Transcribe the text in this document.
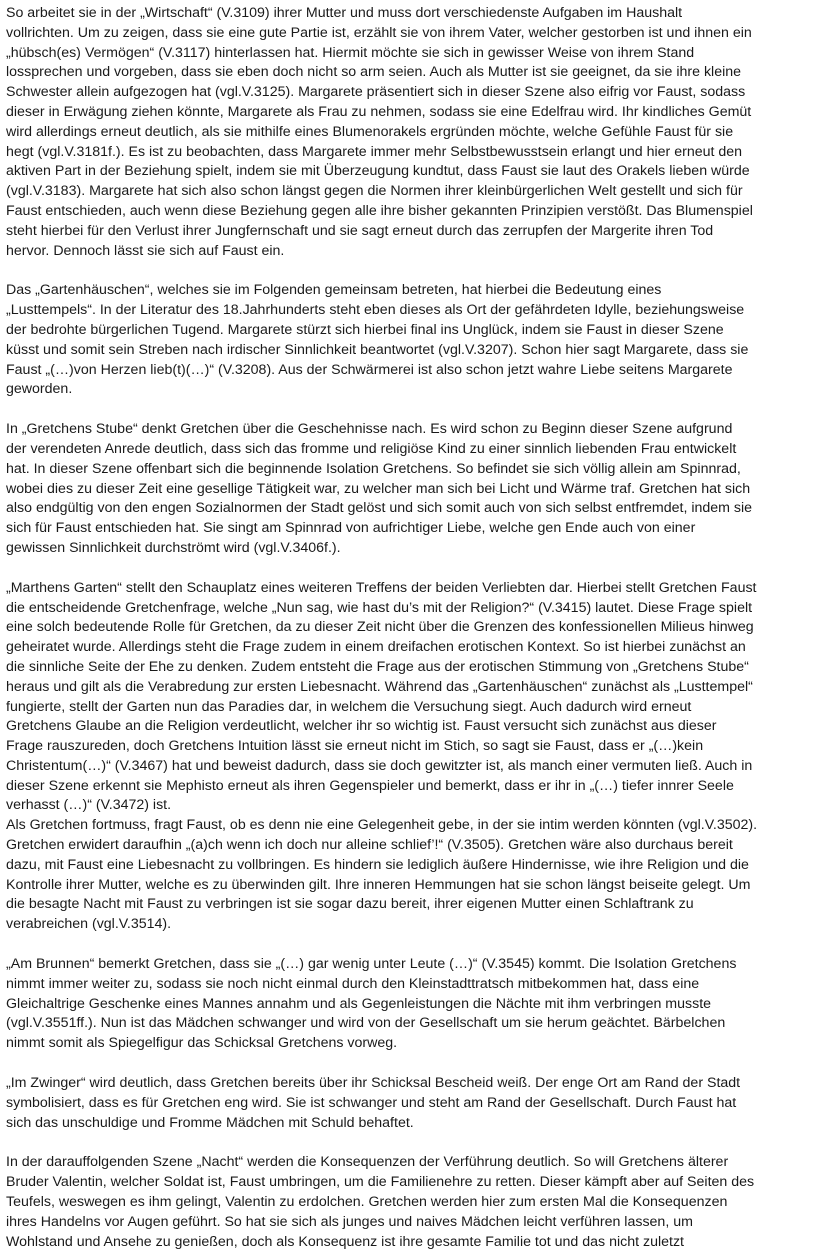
So arbeitet sie in der „Wirtschaft“ (V.3109) ihrer Mutter und muss dort verschiedenste Aufgaben im Haushalt
vollrichten. Um zu zeigen, dass sie eine gute Partie ist, erzählt sie von ihrem Vater, welcher gestorben ist und ihnen ein
„hübsch(es) Vermögen“ (V.3117) hinterlassen hat. Hiermit möchte sie sich in gewisser Weise von ihrem Stand
lossprechen und vorgeben, dass sie eben doch nicht so arm seien. Auch als Mutter ist sie geeignet, da sie ihre kleine
Schwester allein aufgezogen hat (vgl.V.3125). Margarete präsentiert sich in dieser Szene also eifrig vor Faust, sodass
dieser in Erwägung ziehen könnte, Margarete als Frau zu nehmen, sodass sie eine Edelfrau wird. Ihr kindliches Gemüt
wird allerdings erneut deutlich, als sie mithilfe eines Blumenorakels ergründen möchte, welche Gefühle Faust für sie
hegt (vgl.V.3181f.). Es ist zu beobachten, dass Margarete immer mehr Selbstbewusstsein erlangt und hier erneut den
aktiven Part in der Beziehung spielt, indem sie mit Überzeugung kundtut, dass Faust sie laut des Orakels lieben würde
(vgl.V.3183). Margarete hat sich also schon längst gegen die Normen ihrer kleinbürgerlichen Welt gestellt und sich für
Faust entschieden, auch wenn diese Beziehung gegen alle ihre bisher gekannten Prinzipien verstößt. Das Blumenspiel
steht hierbei für den Verlust ihrer Jungfernschaft und sie sagt erneut durch das zerrupfen der Margerite ihren Tod
hervor. Dennoch lässt sie sich auf Faust ein.

Das „Gartenhäuschen“, welches sie im Folgenden gemeinsam betreten, hat hierbei die Bedeutung eines
„Lusttempels“. In der Literatur des 18.Jahrhunderts steht eben dieses als Ort der gefährdeten Idylle, beziehungsweise
der bedrohte bürgerlichen Tugend. Margarete stürzt sich hierbei final ins Unglück, indem sie Faust in dieser Szene
küsst und somit sein Streben nach irdischer Sinnlichkeit beantwortet (vgl.V.3207). Schon hier sagt Margarete, dass sie
Faust „(…)von Herzen lieb(t)(…)“ (V.3208). Aus der Schwärmerei ist also schon jetzt wahre Liebe seitens Margarete
geworden.

In „Gretchens Stube“ denkt Gretchen über die Geschehnisse nach. Es wird schon zu Beginn dieser Szene aufgrund
der verendeten Anrede deutlich, dass sich das fromme und religiöse Kind zu einer sinnlich liebenden Frau entwickelt
hat. In dieser Szene offenbart sich die beginnende Isolation Gretchens. So befindet sie sich völlig allein am Spinnrad,
wobei dies zu dieser Zeit eine gesellige Tätigkeit war, zu welcher man sich bei Licht und Wärme traf. Gretchen hat sich
also endgültig von den engen Sozialnormen der Stadt gelöst und sich somit auch von sich selbst entfremdet, indem sie
sich für Faust entschieden hat. Sie singt am Spinnrad von aufrichtiger Liebe, welche gen Ende auch von einer
gewissen Sinnlichkeit durchströmt wird (vgl.V.3406f.).

„Marthens Garten“ stellt den Schauplatz eines weiteren Treffens der beiden Verliebten dar. Hierbei stellt Gretchen Faust
die entscheidende Gretchenfrage, welche „Nun sag, wie hast du’s mit der Religion?“ (V.3415) lautet. Diese Frage spielt
eine solch bedeutende Rolle für Gretchen, da zu dieser Zeit nicht über die Grenzen des konfessionellen Milieus hinweg
geheiratet wurde. Allerdings steht die Frage zudem in einem dreifachen erotischen Kontext. So ist hierbei zunächst an
die sinnliche Seite der Ehe zu denken. Zudem entsteht die Frage aus der erotischen Stimmung von „Gretchens Stube“
heraus und gilt als die Verabredung zur ersten Liebesnacht. Während das „Gartenhäuschen“ zunächst als „Lusttempel“
fungierte, stellt der Garten nun das Paradies dar, in welchem die Versuchung siegt. Auch dadurch wird erneut
Gretchens Glaube an die Religion verdeutlicht, welcher ihr so wichtig ist. Faust versucht sich zunächst aus dieser
Frage rauszureden, doch Gretchens Intuition lässt sie erneut nicht im Stich, so sagt sie Faust, dass er „(…)kein
Christentum(…)“ (V.3467) hat und beweist dadurch, dass sie doch gewitzter ist, als manch einer vermuten ließ. Auch in
dieser Szene erkennt sie Mephisto erneut als ihren Gegenspieler und bemerkt, dass er ihr in „(…) tiefer innrer Seele
verhasst (…)“ (V.3472) ist.

Als Gretchen fortmuss, fragt Faust, ob es denn nie eine Gelegenheit gebe, in der sie intim werden könnten (vgl.V.3502).
Gretchen erwidert daraufhin „(a)ch wenn ich doch nur alleine schlief’!“ (V.3505). Gretchen wäre also durchaus bereit
dazu, mit Faust eine Liebesnacht zu vollbringen. Es hindern sie lediglich äußere Hindernisse, wie ihre Religion und die
Kontrolle ihrer Mutter, welche es zu überwinden gilt. Ihre inneren Hemmungen hat sie schon längst beiseite gelegt. Um
die besagte Nacht mit Faust zu verbringen ist sie sogar dazu bereit, ihrer eigenen Mutter einen Schlaftrank zu
verabreichen (vgl.V.3514).

„Am Brunnen“ bemerkt Gretchen, dass sie „(…) gar wenig unter Leute (…)“ (V.3545) kommt. Die Isolation Gretchens
nimmt immer weiter zu, sodass sie noch nicht einmal durch den Kleinstadttratsch mitbekommen hat, dass eine
Gleichaltrige Geschenke eines Mannes annahm und als Gegenleistungen die Nächte mit ihm verbringen musste
(vgl.V.3551ff.). Nun ist das Mädchen schwanger und wird von der Gesellschaft um sie herum geächtet. Bärbelchen
nimmt somit als Spiegelfigur das Schicksal Gretchens vorweg.

„Im Zwinger“ wird deutlich, dass Gretchen bereits über ihr Schicksal Bescheid weiß. Der enge Ort am Rand der Stadt
symbolisiert, dass es für Gretchen eng wird. Sie ist schwanger und steht am Rand der Gesellschaft. Durch Faust hat
sich das unschuldige und Fromme Mädchen mit Schuld behaftet.

In der darauffolgenden Szene „Nacht“ werden die Konsequenzen der Verführung deutlich. So will Gretchens älterer
Bruder Valentin, welcher Soldat ist, Faust umbringen, um die Familienehre zu retten. Dieser kämpft aber auf Seiten des
Teufels, weswegen es ihm gelingt, Valentin zu erdolchen. Gretchen werden hier zum ersten Mal die Konsequenzen
ihres Handelns vor Augen geführt. So hat sie sich als junges und naives Mädchen leicht verführen lassen, um
Wohlstand und Ansehe zu genießen, doch als Konsequenz ist ihre gesamte Familie tot und das nicht zuletzt
